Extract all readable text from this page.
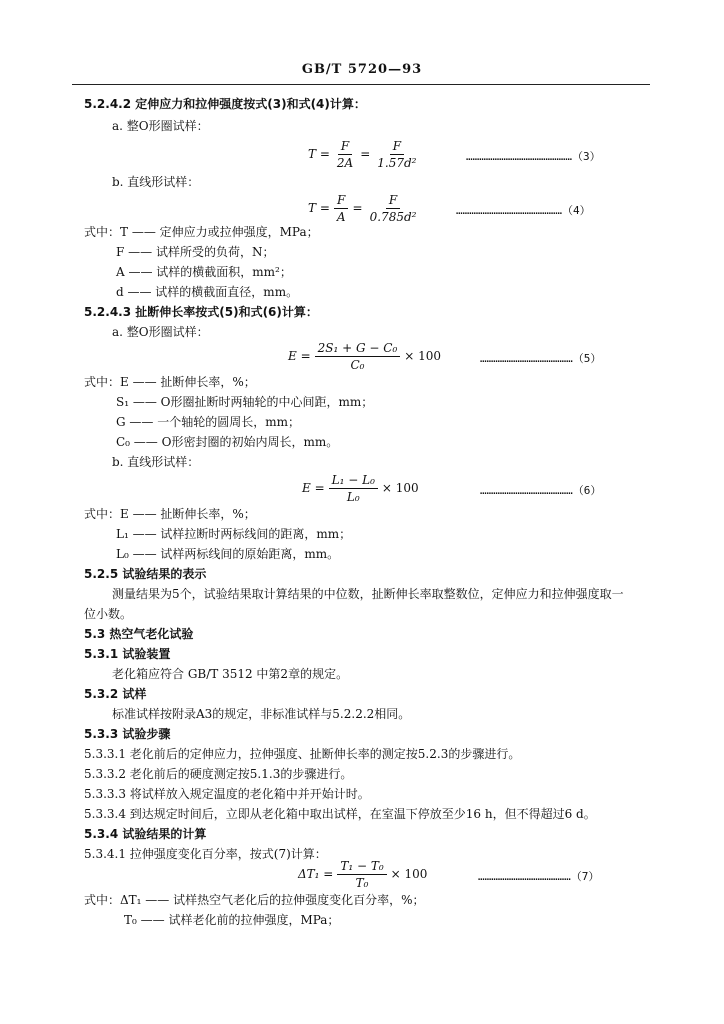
GB/T 5720—93
5.2.4.2 定伸应力和拉伸强度按式(3)和式(4)计算：
a. 整O形圈试样：
$T = \frac{F}{2A} = \frac{F}{\text{1.57d²}}$	…………………………………………（3）
b. 直线形试样：
$T = \frac{F}{A} = \frac{F}{\text{0.785d²}}$	…………………………………………（4）
式中：T —— 定伸应力或拉伸强度，MPa；
F —— 试样所受的负荷，N；
A —— 试样的横截面积，mm²；
d —— 试样的横截面直径，mm。
5.2.4.3 扯断伸长率按式(5)和式(6)计算：
a. 整O形圈试样：
$E = \frac{\text{2S₁ + G − C₀}}{\text{C₀}} \times 100$	……………………………………（5）
式中：E —— 扯断伸长率，%；
S₁ —— O形圈扯断时两轴轮的中心间距，mm；
G —— 一个轴轮的圆周长，mm；
C₀ —— O形密封圈的初始内周长，mm。
b. 直线形试样：
$E = \frac{\text{L₁ − L₀}}{\text{L₀}} \times 100$	……………………………………（6）
式中：E —— 扯断伸长率，%；
L₁ —— 试样拉断时两标线间的距离，mm；
L₀ —— 试样两标线间的原始距离，mm。
5.2.5 试验结果的表示
测量结果为5个，试验结果取计算结果的中位数，扯断伸长率取整数位，定伸应力和拉伸强度取一
位小数。
5.3 热空气老化试验
5.3.1 试验装置
老化箱应符合 GB/T 3512 中第2章的规定。
5.3.2 试样
标准试样按附录A3的规定，非标准试样与5.2.2.2相同。
5.3.3 试验步骤
5.3.3.1 老化前后的定伸应力，拉伸强度、扯断伸长率的测定按5.2.3的步骤进行。
5.3.3.2 老化前后的硬度测定按5.1.3的步骤进行。
5.3.3.3 将试样放入规定温度的老化箱中并开始计时。
5.3.3.4 到达规定时间后，立即从老化箱中取出试样，在室温下停放至少16 h，但不得超过6 d。
5.3.4 试验结果的计算
5.3.4.1 拉伸强度变化百分率，按式(7)计算：
$\Delta T_1 = \frac{\text{T₁ − T₀}}{\text{T₀}} \times 100$	……………………………………（7）
式中：ΔT₁ —— 试样热空气老化后的拉伸强度变化百分率，%；
T₀ —— 试样老化前的拉伸强度，MPa；
